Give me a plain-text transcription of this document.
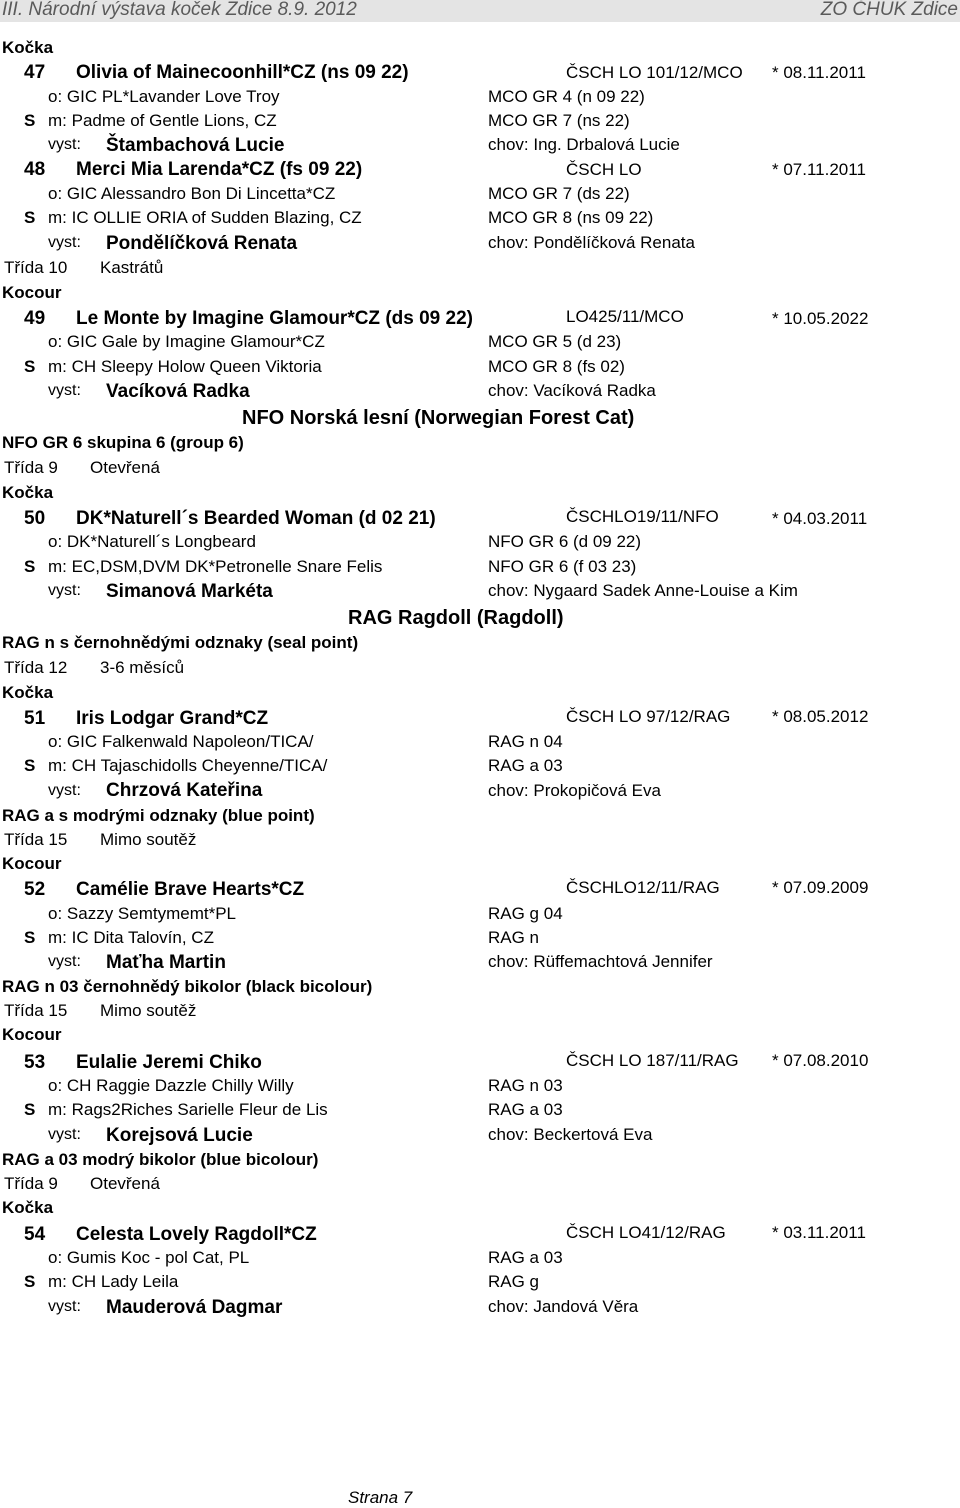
III. Národní výstava koček Zdice 8.9. 2012	ZO ČHUK Zdice
Kočka
47 Olivia of Mainecoonhill*CZ (ns 09 22)	ČSCH LO 101/12/MCO * 08.11.2011
o: GIC PL*Lavander Love Troy	MCO GR 4 (n 09 22)
S m: Padme of Gentle Lions, CZ	MCO GR 7 (ns 22)
vyst: Štambachová Lucie	chov: Ing. Drbalová Lucie
48 Merci Mia Larenda*CZ (fs 09 22)	ČSCH LO	* 07.11.2011
o: GIC Alessandro Bon Di Lincetta*CZ	MCO GR 7 (ds 22)
S m: IC OLLIE ORIA of Sudden Blazing, CZ	MCO GR 8 (ns 09 22)
vyst: Pondělíčková Renata	chov: Pondělíčková Renata
Třída 10 Kastrátů
Kocour
49 Le Monte by Imagine Glamour*CZ (ds 09 22)	LO425/11/MCO	* 10.05.2022
o: GIC Gale by Imagine Glamour*CZ	MCO GR 5 (d 23)
S m: CH Sleepy Holow Queen Viktoria	MCO GR 8 (fs 02)
vyst: Vacíková Radka	chov: Vacíková Radka
NFO Norská lesní (Norwegian Forest Cat)
NFO GR 6 skupina 6 (group 6)
Třída 9 Otevřená
Kočka
50 DK*Naturell´s Bearded Woman (d 02 21)	ČSCHLO19/11/NFO	* 04.03.2011
o: DK*Naturell´s Longbeard	NFO GR 6 (d 09 22)
S m: EC,DSM,DVM DK*Petronelle Snare Felis	NFO GR 6 (f 03 23)
vyst: Simanová Markéta	chov: Nygaard Sadek Anne-Louise a Kim
RAG Ragdoll (Ragdoll)
RAG n s černohnědými odznaky (seal point)
Třída 12 3-6 měsíců
Kočka
51 Iris Lodgar Grand*CZ	ČSCH LO 97/12/RAG * 08.05.2012
o: GIC Falkenwald Napoleon/TICA/	RAG n 04
S m: CH Tajaschidolls Cheyenne/TICA/	RAG a 03
vyst: Chrzová Kateřina	chov: Prokopičová Eva
RAG a s modrými odznaky (blue point)
Třída 15 Mimo soutěž
Kocour
52 Camélie Brave Hearts*CZ	ČSCHLO12/11/RAG	* 07.09.2009
o: Sazzy Semtymemt*PL	RAG g 04
S m: IC Dita Talovín, CZ	RAG n
vyst: Maťha Martin	chov: Rüffemachtová Jennifer
RAG n 03 černohnědý bikolor (black bicolour)
Třída 15 Mimo soutěž
Kocour
53 Eulalie Jeremi Chiko	ČSCH LO 187/11/RAG * 07.08.2010
o: CH Raggie Dazzle Chilly Willy	RAG n 03
S m: Rags2Riches Sarielle Fleur de Lis	RAG a 03
vyst: Korejsová Lucie	chov: Beckertová Eva
RAG a 03 modrý bikolor (blue bicolour)
Třída 9 Otevřená
Kočka
54 Celesta Lovely Ragdoll*CZ	ČSCH LO41/12/RAG	* 03.11.2011
o: Gumis Koc - pol Cat, PL	RAG a 03
S m: CH Lady Leila	RAG g
vyst: Mauderová Dagmar	chov: Jandová Věra
Strana 7
